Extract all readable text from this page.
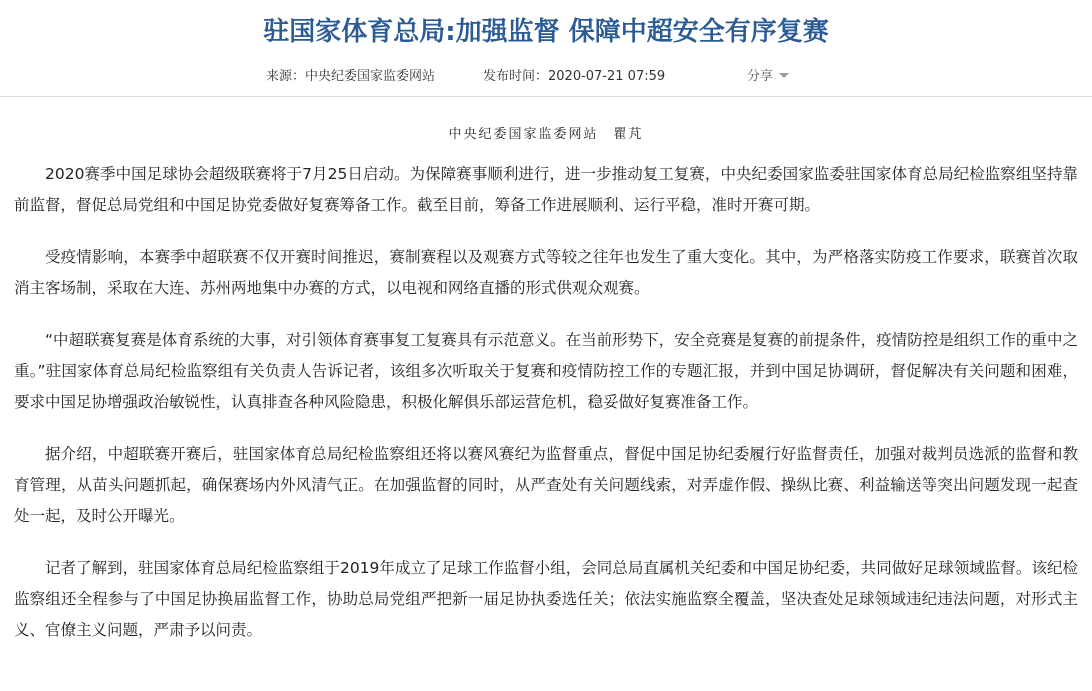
驻国家体育总局:加强监督 保障中超安全有序复赛
来源：中央纪委国家监委网站	发布时间：2020-07-21 07:59	分享
中央纪委国家监委网站　瞿芃

2020赛季中国足球协会超级联赛将于7月25日启动。为保障赛事顺利进行，进一步推动复工复赛，中央纪委国家监委驻国家体育总局纪检监察组坚持靠前监督，督促总局党组和中国足协党委做好复赛筹备工作。截至目前，筹备工作进展顺利、运行平稳，准时开赛可期。

受疫情影响，本赛季中超联赛不仅开赛时间推迟，赛制赛程以及观赛方式等较之往年也发生了重大变化。其中，为严格落实防疫工作要求，联赛首次取消主客场制，采取在大连、苏州两地集中办赛的方式，以电视和网络直播的形式供观众观赛。

“中超联赛复赛是体育系统的大事，对引领体育赛事复工复赛具有示范意义。在当前形势下，安全竞赛是复赛的前提条件，疫情防控是组织工作的重中之重。”驻国家体育总局纪检监察组有关负责人告诉记者，该组多次听取关于复赛和疫情防控工作的专题汇报，并到中国足协调研，督促解决有关问题和困难，要求中国足协增强政治敏锐性，认真排查各种风险隐患，积极化解俱乐部运营危机，稳妥做好复赛准备工作。

据介绍，中超联赛开赛后，驻国家体育总局纪检监察组还将以赛风赛纪为监督重点，督促中国足协纪委履行好监督责任，加强对裁判员选派的监督和教育管理，从苗头问题抓起，确保赛场内外风清气正。在加强监督的同时，从严查处有关问题线索，对弄虚作假、操纵比赛、利益输送等突出问题发现一起查处一起，及时公开曝光。

记者了解到，驻国家体育总局纪检监察组于2019年成立了足球工作监督小组，会同总局直属机关纪委和中国足协纪委，共同做好足球领域监督。该纪检监察组还全程参与了中国足协换届监督工作，协助总局党组严把新一届足协执委选任关；依法实施监察全覆盖，坚决查处足球领域违纪违法问题，对形式主义、官僚主义问题，严肃予以问责。
